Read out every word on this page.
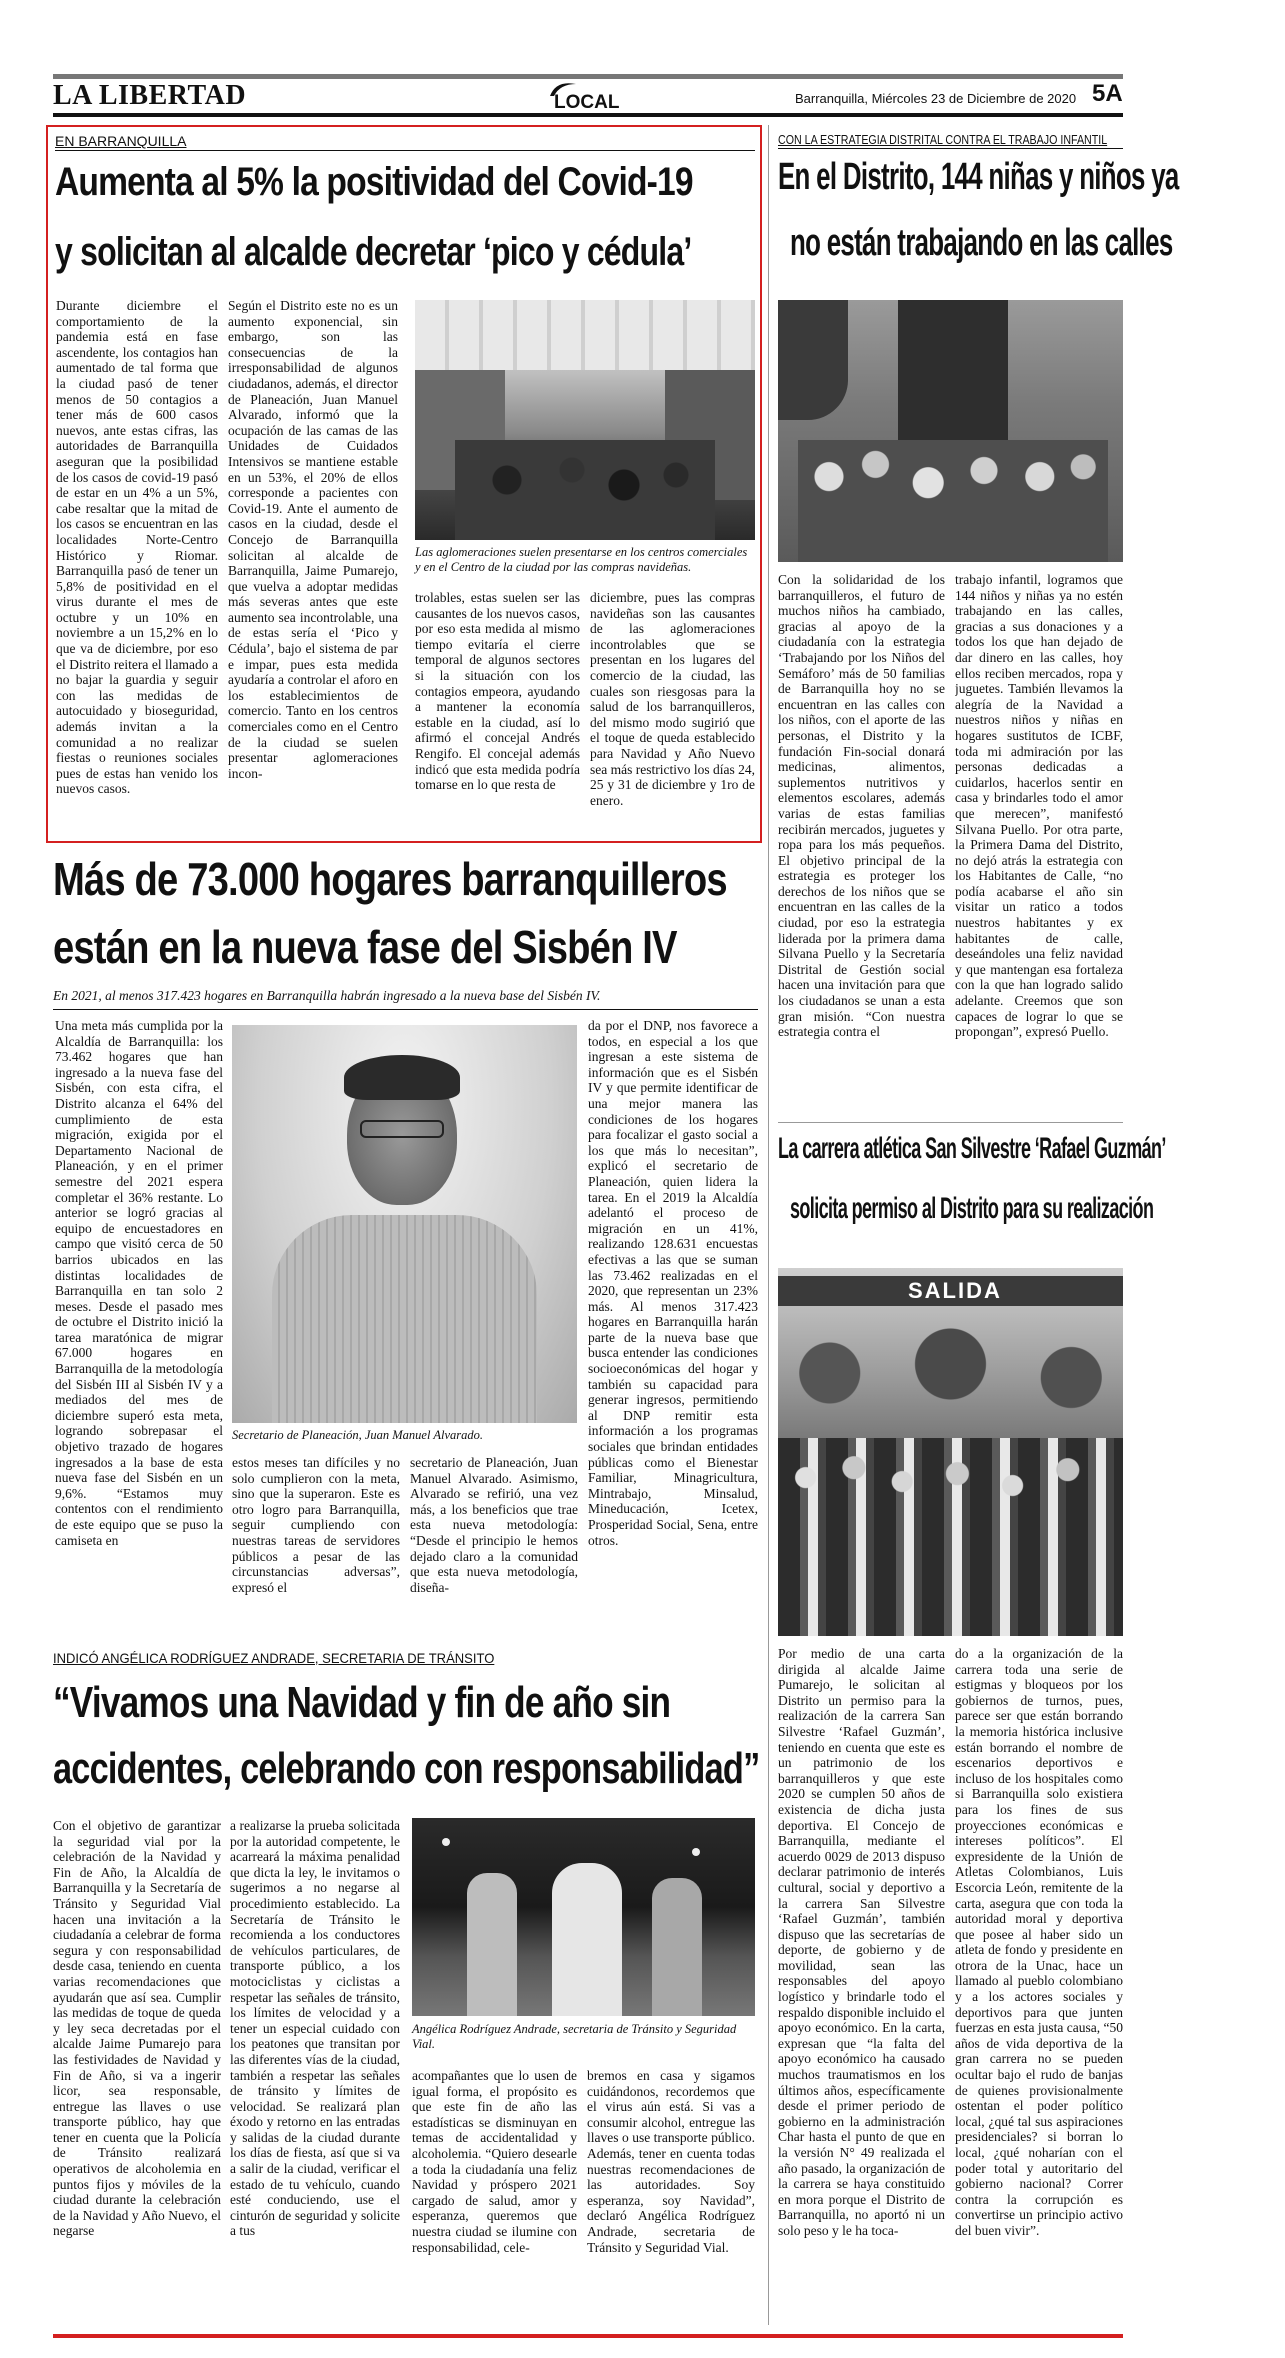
LA LIBERTAD	LOCAL	Barranquilla, Miércoles 23 de Diciembre de 2020 5A
EN BARRANQUILLA
Aumenta al 5% la positividad del Covid-19
y solicitan al alcalde decretar ‘pico y cédula’
Durante diciembre el comportamiento de la pandemia está en fase ascendente, los contagios han aumentado de tal forma que la ciudad pasó de tener menos de 50 contagios a tener más de 600 casos nuevos, ante estas cifras, las autoridades de Barranquilla aseguran que la posibilidad de los casos de covid-19 pasó de estar en un 4% a un 5%, cabe resaltar que la mitad de los casos se encuentran en las localidades Norte-Centro Histórico y Riomar. Barranquilla pasó de tener un 5,8% de positividad en el virus durante el mes de octubre y un 10% en noviembre a un 15,2% en lo que va de diciembre, por eso el Distrito reitera el llamado a no bajar la guardia y seguir con las medidas de autocuidado y bioseguridad, además invitan a la comunidad a no realizar fiestas o reuniones sociales pues de estas han venido los nuevos casos.
Según el Distrito este no es un aumento exponencial, sin embargo, son las consecuencias de la irresponsabilidad de algunos ciudadanos, además, el director de Planeación, Juan Manuel Alvarado, informó que la ocupación de las camas de las Unidades de Cuidados Intensivos se mantiene estable en un 53%, el 20% de ellos corresponde a pacientes con Covid-19. Ante el aumento de casos en la ciudad, desde el Concejo de Barranquilla solicitan al alcalde de Barranquilla, Jaime Pumarejo, que vuelva a adoptar medidas más severas antes que este aumento sea incontrolable, una de estas sería el ‘Pico y Cédula’, bajo el sistema de par e impar, pues esta medida ayudaría a controlar el aforo en los establecimientos de comercio. Tanto en los centros comerciales como en el Centro de la ciudad se suelen presentar aglomeraciones incon-
Las aglomeraciones suelen presentarse en los centros comerciales y en el Centro de la ciudad por las compras navideñas.
trolables, estas suelen ser las causantes de los nuevos casos, por eso esta medida al mismo tiempo evitaría el cierre temporal de algunos sectores si la situación con los contagios empeora, ayudando a mantener la economía estable en la ciudad, así lo afirmó el concejal Andrés Rengifo. El concejal además indicó que esta medida podría tomarse en lo que resta de
diciembre, pues las compras navideñas son las causantes de las aglomeraciones incontrolables que se presentan en los lugares del comercio de la ciudad, las cuales son riesgosas para la salud de los barranquilleros, del mismo modo sugirió que el toque de queda establecido para Navidad y Año Nuevo sea más restrictivo los días 24, 25 y 31 de diciembre y 1ro de enero.
Más de 73.000 hogares barranquilleros
están en la nueva fase del Sisbén IV
En 2021, al menos 317.423 hogares en Barranquilla habrán ingresado a la nueva base del Sisbén IV.
Una meta más cumplida por la Alcaldía de Barranquilla: los 73.462 hogares que han ingresado a la nueva fase del Sisbén, con esta cifra, el Distrito alcanza el 64% del cumplimiento de esta migración, exigida por el Departamento Nacional de Planeación, y en el primer semestre del 2021 espera completar el 36% restante. Lo anterior se logró gracias al equipo de encuestadores en campo que visitó cerca de 50 barrios ubicados en las distintas localidades de Barranquilla en tan solo 2 meses. Desde el pasado mes de octubre el Distrito inició la tarea maratónica de migrar 67.000 hogares en Barranquilla de la metodología del Sisbén III al Sisbén IV y a mediados del mes de diciembre superó esta meta, logrando sobrepasar el objetivo trazado de hogares ingresados a la base de esta nueva fase del Sisbén en un 9,6%. “Estamos muy contentos con el rendimiento de este equipo que se puso la camiseta en
Secretario de Planeación, Juan Manuel Alvarado.
estos meses tan difíciles y no solo cumplieron con la meta, sino que la superaron. Este es otro logro para Barranquilla, seguir cumpliendo con nuestras tareas de servidores públicos a pesar de las circunstancias adversas”, expresó el
secretario de Planeación, Juan Manuel Alvarado. Asimismo, Alvarado se refirió, una vez más, a los beneficios que trae esta nueva metodología: “Desde el principio le hemos dejado claro a la comunidad que esta nueva metodología, diseña-
da por el DNP, nos favorece a todos, en especial a los que ingresan a este sistema de información que es el Sisbén IV y que permite identificar de una mejor manera las condiciones de los hogares para focalizar el gasto social a los que más lo necesitan”, explicó el secretario de Planeación, quien lidera la tarea. En el 2019 la Alcaldía adelantó el proceso de migración en un 41%, realizando 128.631 encuestas efectivas a las que se suman las 73.462 realizadas en el 2020, que representan un 23% más. Al menos 317.423 hogares en Barranquilla harán parte de la nueva base que busca entender las condiciones socioeconómicas del hogar y también su capacidad para generar ingresos, permitiendo al DNP remitir esta información a los programas sociales que brindan entidades públicas como el Bienestar Familiar, Minagricultura, Mintrabajo, Minsalud, Mineducación, Icetex, Prosperidad Social, Sena, entre otros.
INDICÓ ANGÉLICA RODRÍGUEZ ANDRADE, SECRETARIA DE TRÁNSITO
“Vivamos una Navidad y fin de año sin
accidentes, celebrando con responsabilidad”
Con el objetivo de garantizar la seguridad vial por la celebración de la Navidad y Fin de Año, la Alcaldía de Barranquilla y la Secretaría de Tránsito y Seguridad Vial hacen una invitación a la ciudadanía a celebrar de forma segura y con responsabilidad desde casa, teniendo en cuenta varias recomendaciones que ayudarán que así sea. Cumplir las medidas de toque de queda y ley seca decretadas por el alcalde Jaime Pumarejo para las festividades de Navidad y Fin de Año, si va a ingerir licor, sea responsable, entregue las llaves o use transporte público, hay que tener en cuenta que la Policía de Tránsito realizará operativos de alcoholemia en puntos fijos y móviles de la ciudad durante la celebración de la Navidad y Año Nuevo, el negarse
a realizarse la prueba solicitada por la autoridad competente, le acarreará la máxima penalidad que dicta la ley, le invitamos o sugerimos a no negarse al procedimiento establecido. La Secretaría de Tránsito le recomienda a los conductores de vehículos particulares, de transporte público, a los motociclistas y ciclistas a respetar las señales de tránsito, los límites de velocidad y a tener un especial cuidado con los peatones que transitan por las diferentes vías de la ciudad, también a respetar las señales de tránsito y límites de velocidad. Se realizará plan éxodo y retorno en las entradas y salidas de la ciudad durante los días de fiesta, así que si va a salir de la ciudad, verificar el estado de tu vehículo, cuando esté conduciendo, use el cinturón de seguridad y solicite a tus
Angélica Rodríguez Andrade, secretaria de Tránsito y Seguridad Vial.
acompañantes que lo usen de igual forma, el propósito es que este fin de año las estadísticas se disminuyan en temas de accidentalidad y alcoholemia. “Quiero desearle a toda la ciudadanía una feliz Navidad y próspero 2021 cargado de salud, amor y esperanza, queremos que nuestra ciudad se ilumine con responsabilidad, cele-
bremos en casa y sigamos cuidándonos, recordemos que el virus aún está. Si vas a consumir alcohol, entregue las llaves o use transporte público. Además, tener en cuenta todas nuestras recomendaciones de las autoridades. Soy esperanza, soy Navidad”, declaró Angélica Rodríguez Andrade, secretaria de Tránsito y Seguridad Vial.
CON LA ESTRATEGIA DISTRITAL CONTRA EL TRABAJO INFANTIL
En el Distrito, 144 niñas y niños ya
no están trabajando en las calles
Con la solidaridad de los barranquilleros, el futuro de muchos niños ha cambiado, gracias al apoyo de la ciudadanía con la estrategia ‘Trabajando por los Niños del Semáforo’ más de 50 familias de Barranquilla hoy no se encuentran en las calles con los niños, con el aporte de las personas, el Distrito y la fundación Fin-social donará medicinas, alimentos, suplementos nutritivos y elementos escolares, además varias de estas familias recibirán mercados, juguetes y ropa para los más pequeños. El objetivo principal de la estrategia es proteger los derechos de los niños que se encuentran en las calles de la ciudad, por eso la estrategia liderada por la primera dama Silvana Puello y la Secretaría Distrital de Gestión social hacen una invitación para que los ciudadanos se unan a esta gran misión. “Con nuestra estrategia contra el
trabajo infantil, logramos que 144 niños y niñas ya no estén trabajando en las calles, gracias a sus donaciones y a todos los que han dejado de dar dinero en las calles, hoy ellos reciben mercados, ropa y juguetes. También llevamos la alegría de la Navidad a nuestros niños y niñas en hogares sustitutos de ICBF, toda mi admiración por las personas dedicadas a cuidarlos, hacerlos sentir en casa y brindarles todo el amor que merecen”, manifestó Silvana Puello. Por otra parte, la Primera Dama del Distrito, no dejó atrás la estrategia con los Habitantes de Calle, “no podía acabarse el año sin visitar un ratico a todos nuestros habitantes y ex habitantes de calle, deseándoles una feliz navidad y que mantengan esa fortaleza con la que han logrado salido adelante. Creemos que son capaces de lograr lo que se propongan”, expresó Puello.
La carrera atlética San Silvestre ‘Rafael Guzmán’
solicita permiso al Distrito para su realización
SALIDA
Por medio de una carta dirigida al alcalde Jaime Pumarejo, le solicitan al Distrito un permiso para la realización de la carrera San Silvestre ‘Rafael Guzmán’, teniendo en cuenta que este es un patrimonio de los barranquilleros y que este 2020 se cumplen 50 años de existencia de dicha justa deportiva. El Concejo de Barranquilla, mediante el acuerdo 0029 de 2013 dispuso declarar patrimonio de interés cultural, social y deportivo a la carrera San Silvestre ‘Rafael Guzmán’, también dispuso que las secretarías de deporte, de gobierno y de movilidad, sean las responsables del apoyo logístico y brindarle todo el respaldo disponible incluido el apoyo económico. En la carta, expresan que “la falta del apoyo económico ha causado muchos traumatismos en los últimos años, específicamente desde el primer periodo de gobierno en la administración Char hasta el punto de que en la versión N° 49 realizada el año pasado, la organización de la carrera se haya constituido en mora porque el Distrito de Barranquilla, no aportó ni un solo peso y le ha toca-
do a la organización de la carrera toda una serie de estigmas y bloqueos por los gobiernos de turnos, pues, parece ser que están borrando la memoria histórica inclusive están borrando el nombre de escenarios deportivos e incluso de los hospitales como si Barranquilla solo existiera para los fines de sus proyecciones económicas e intereses políticos”. El expresidente de la Unión de Atletas Colombianos, Luis Escorcia León, remitente de la carta, asegura que con toda la autoridad moral y deportiva que posee al haber sido un atleta de fondo y presidente en otrora de la Unac, hace un llamado al pueblo colombiano y a los actores sociales y deportivos para que junten fuerzas en esta justa causa, “50 años de vida deportiva de la gran carrera no se pueden ocultar bajo el rudo de banjas de quienes provisionalmente ostentan el poder político local, ¿qué tal sus aspiraciones presidenciales? si borran lo local, ¿qué noharían con el poder total y autoritario del gobierno nacional? Correr contra la corrupción es convertirse un principio activo del buen vivir”.
